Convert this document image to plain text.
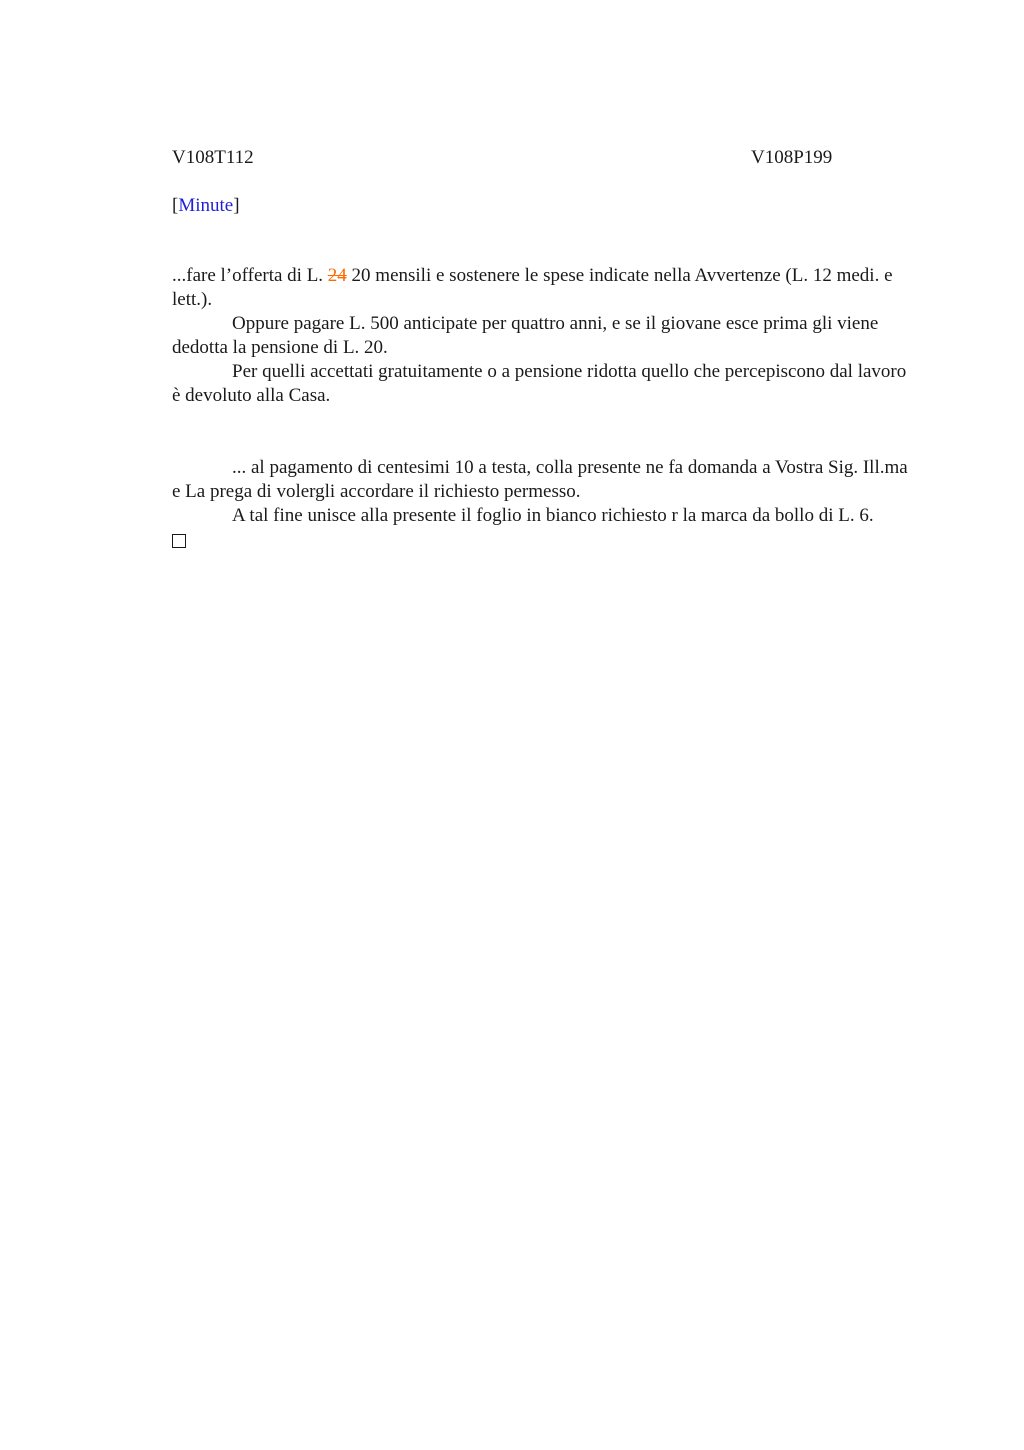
V108T112	V108P199
[Minute]

...fare l’offerta di L. 24 20 mensili e sostenere le spese indicate nella Avvertenze (L. 12 medi. e lett.).

Oppure pagare L. 500 anticipate per quattro anni, e se il giovane esce prima gli viene dedotta la pensione di L. 20.

Per quelli accettati gratuitamente o a pensione ridotta quello che percepiscono dal lavoro è devoluto alla Casa.

... al pagamento di centesimi 10 a testa, colla presente ne fa domanda a Vostra Sig. Ill.ma e La prega di volergli accordare il richiesto permesso.

A tal fine unisce alla presente il foglio in bianco richiesto r la marca da bollo di L. 6.
